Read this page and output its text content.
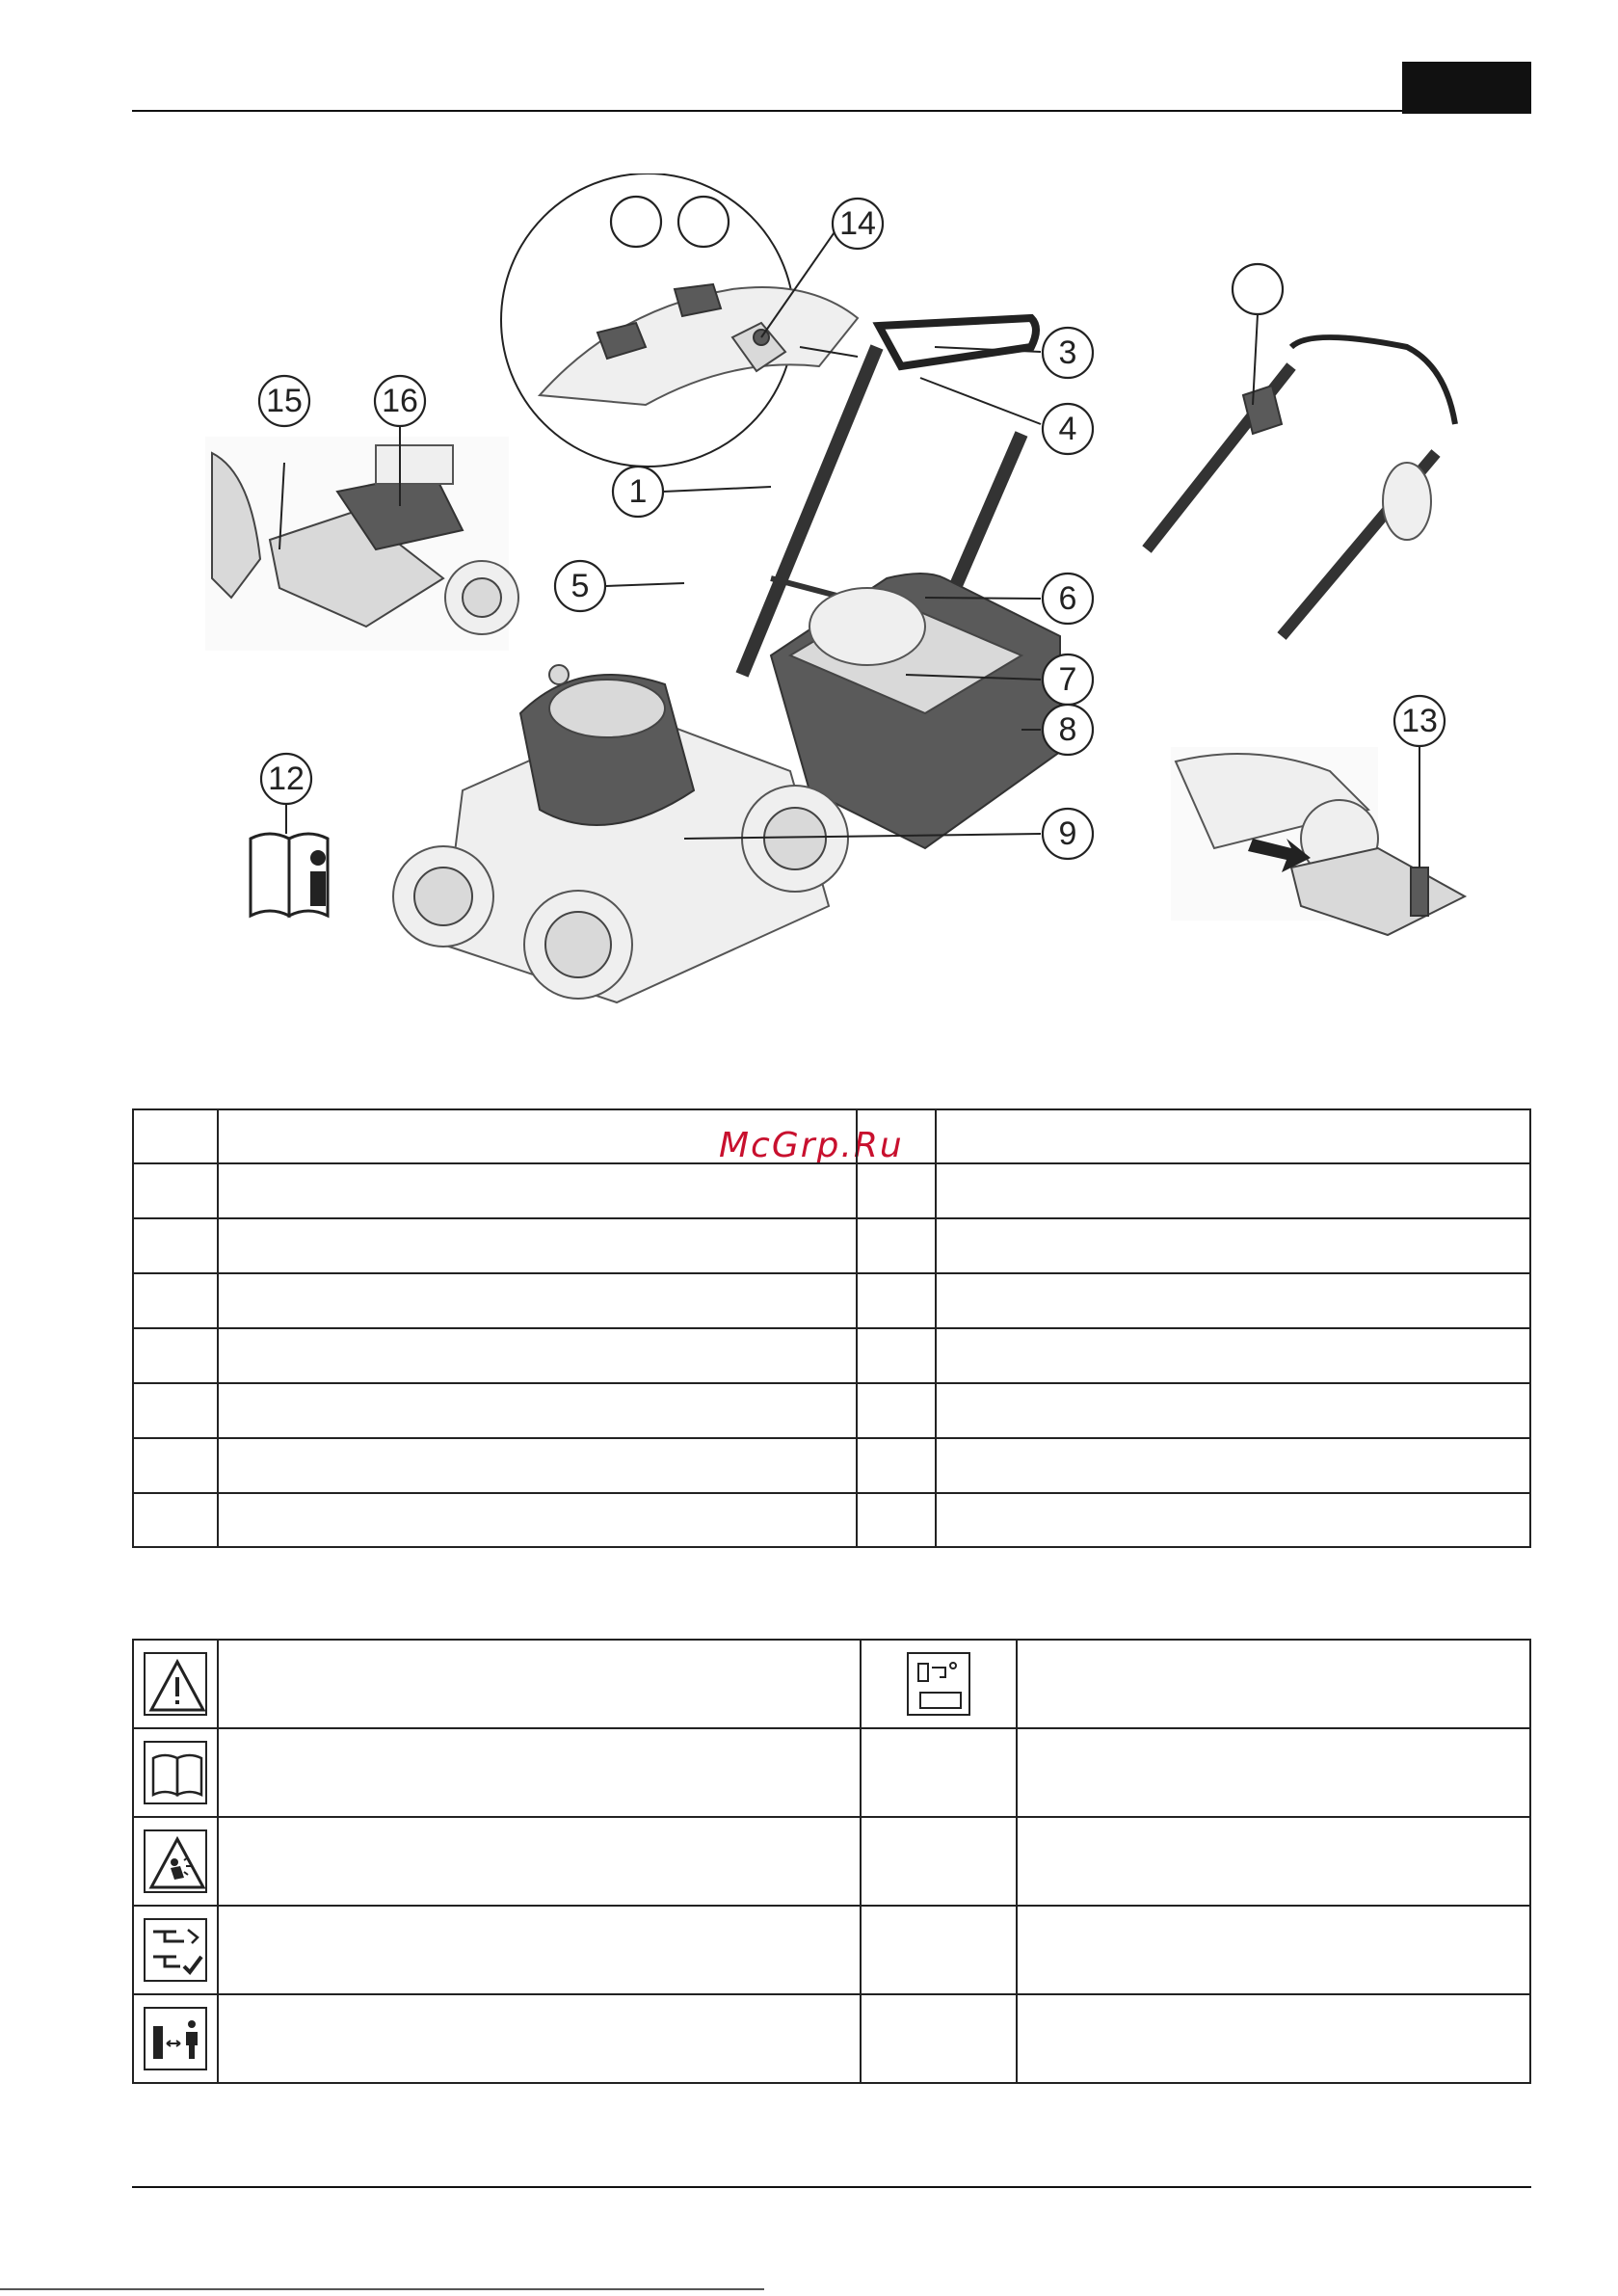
14
15 16
12
3
4
1
5	6
7
8
9
13
McGrp.Ru
